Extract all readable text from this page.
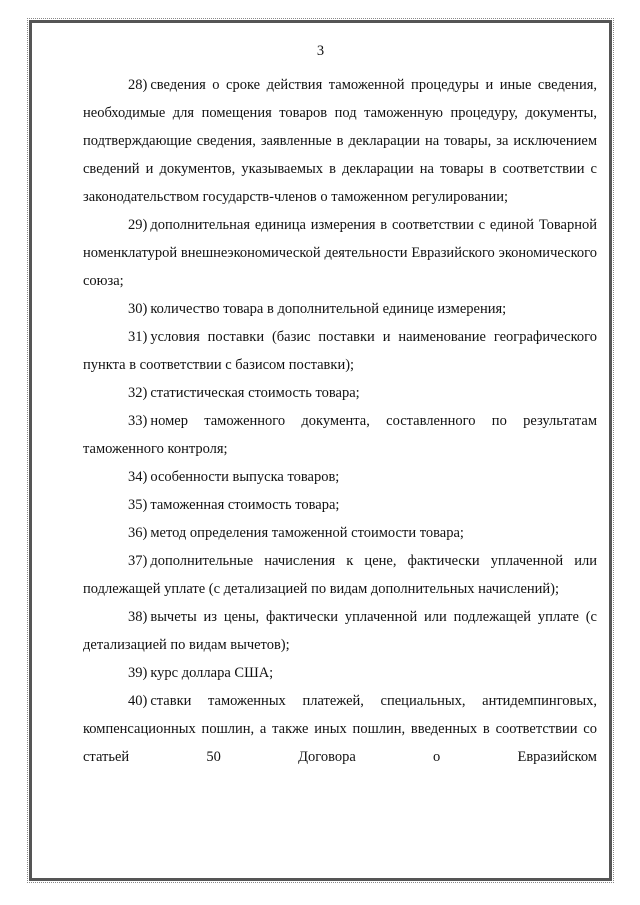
3

28) сведения о сроке действия таможенной процедуры и иные сведения, необходимые для помещения товаров под таможенную процедуру, документы, подтверждающие сведения, заявленные в декларации на товары, за исключением сведений и документов, указываемых в декларации на товары в соответствии с законодательством государств-членов о таможенном регулировании;

29) дополнительная единица измерения в соответствии с единой Товарной номенклатурой внешнеэкономической деятельности Евразийского экономического союза;

30) количество товара в дополнительной единице измерения;

31) условия поставки (базис поставки и наименование географического пункта в соответствии с базисом поставки);

32) статистическая стоимость товара;

33) номер таможенного документа, составленного по результатам таможенного контроля;

34) особенности выпуска товаров;

35) таможенная стоимость товара;

36) метод определения таможенной стоимости товара;

37) дополнительные начисления к цене, фактически уплаченной или подлежащей уплате (с детализацией по видам дополнительных начислений);

38) вычеты из цены, фактически уплаченной или подлежащей уплате (с детализацией по видам вычетов);

39) курс доллара США;

40) ставки таможенных платежей, специальных, антидемпинговых, компенсационных пошлин, а также иных пошлин, введенных в соответствии со статьей 50 Договора о Евразийском
